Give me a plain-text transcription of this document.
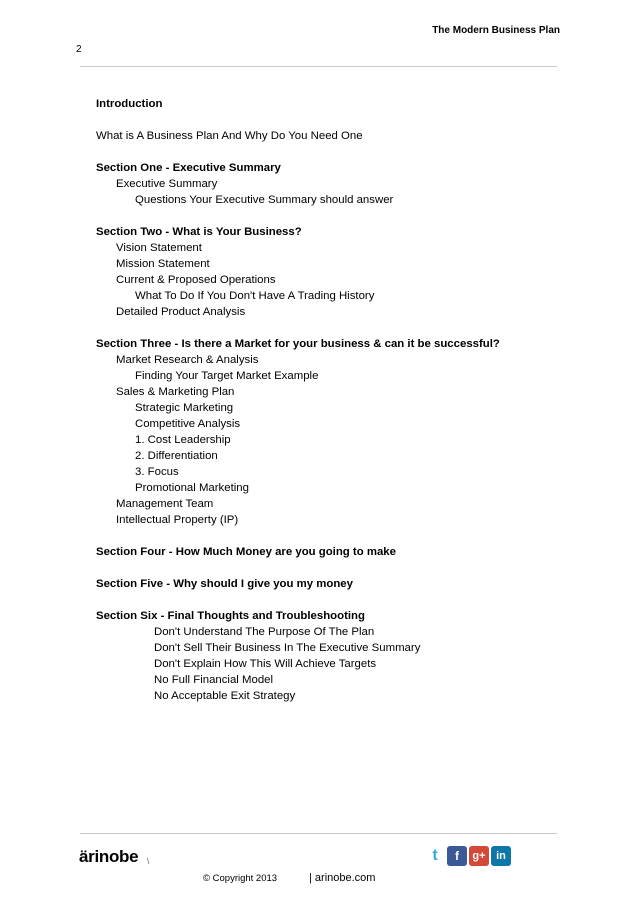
The Modern Business Plan
2
Introduction
What is A Business Plan And Why Do You Need One
Section One - Executive Summary
Executive Summary
Questions Your Executive Summary should answer
Section Two - What is Your Business?
Vision Statement
Mission Statement
Current & Proposed Operations
What To Do If You Don't Have A Trading History
Detailed Product Analysis
Section Three - Is there a Market for your business & can it be successful?
Market Research & Analysis
Finding Your Target Market Example
Sales & Marketing Plan
Strategic Marketing
Competitive Analysis
1. Cost Leadership
2. Differentiation
3. Focus
Promotional Marketing
Management Team
Intellectual Property (IP)
Section Four - How Much Money are you going to make
Section Five - Why should I give you my money
Section Six - Final Thoughts and Troubleshooting
Don't Understand The Purpose Of The Plan
Don't Sell Their Business In The Executive Summary
Don't Explain How This Will Achieve Targets
No Full Financial Model
No Acceptable Exit Strategy
ärinobe \	t	f	g+ in
© Copyright 2013	| arinobe.com
